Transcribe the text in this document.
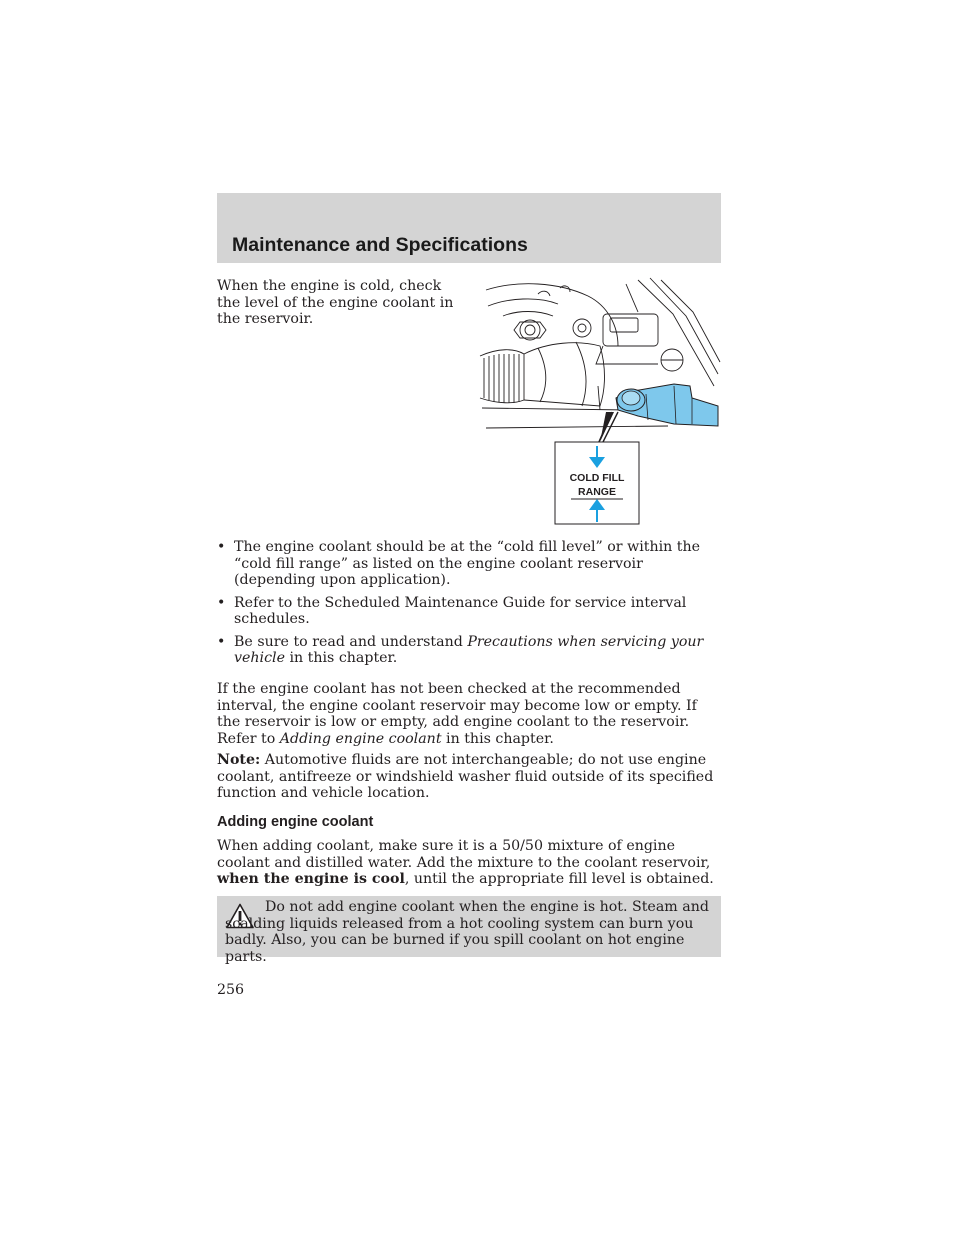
Maintenance and Specifications

When the engine is cold, check the level of the engine coolant in the reservoir.

COLD FILL
RANGE
• The engine coolant should be at the “cold fill level” or within the “cold fill range” as listed on the engine coolant reservoir (depending upon application).
• Refer to the Scheduled Maintenance Guide for service interval schedules.
• Be sure to read and understand Precautions when servicing your vehicle in this chapter.

If the engine coolant has not been checked at the recommended interval, the engine coolant reservoir may become low or empty. If the reservoir is low or empty, add engine coolant to the reservoir. Refer to Adding engine coolant in this chapter.

Note: Automotive fluids are not interchangeable; do not use engine coolant, antifreeze or windshield washer fluid outside of its specified function and vehicle location.

Adding engine coolant

When adding coolant, make sure it is a 50/50 mixture of engine coolant and distilled water. Add the mixture to the coolant reservoir, when the engine is cool, until the appropriate fill level is obtained.

Do not add engine coolant when the engine is hot. Steam and scalding liquids released from a hot cooling system can burn you badly. Also, you can be burned if you spill coolant on hot engine parts.

256
